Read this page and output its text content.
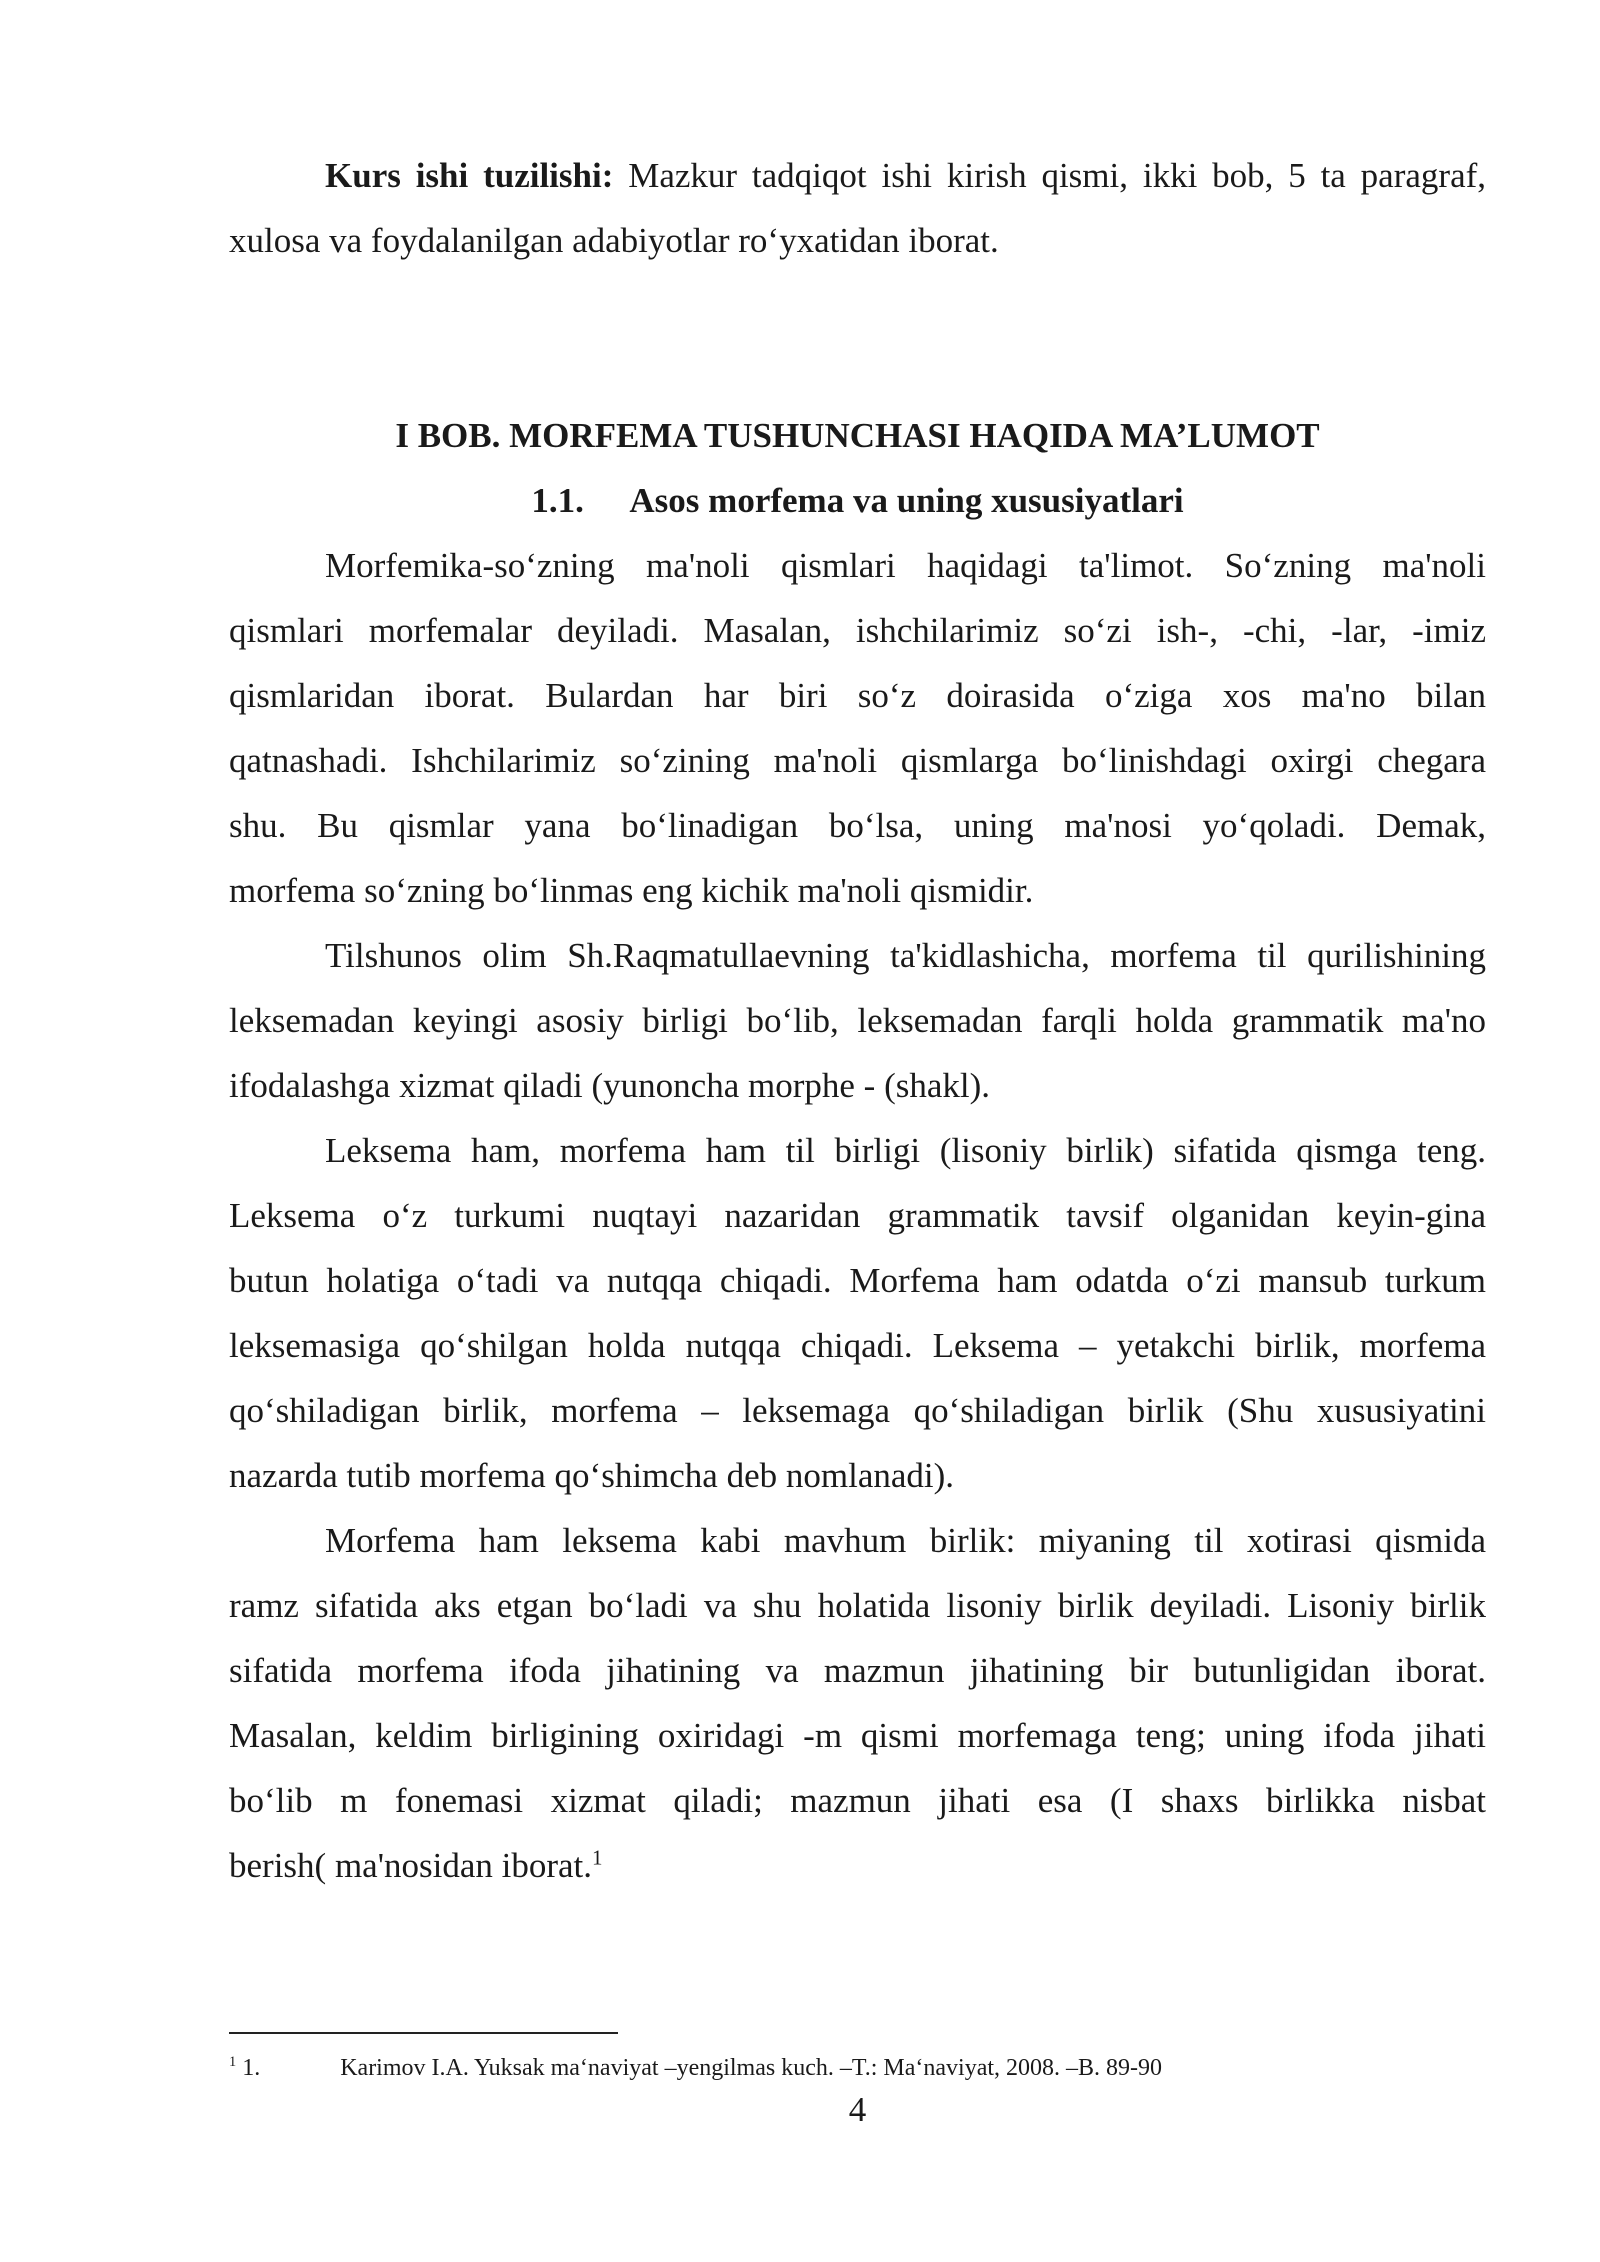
Kurs ishi tuzilishi: Mazkur tadqiqot ishi kirish qismi, ikki bob, 5 ta paragraf,
xulosa va foydalanilgan adabiyotlar roʻyxatidan iborat.
I BOB. MORFEMA TUSHUNCHASI HAQIDA MA’LUMOT
1.1. Asos morfema va uning xususiyatlari
Morfemika-soʻzning ma'noli qismlari haqidagi ta'limot. Soʻzning ma'noli
qismlari morfemalar deyiladi. Masalan, ishchilarimiz soʻzi ish-, -chi, -lar, -imiz
qismlaridan iborat. Bulardan har biri soʻz doirasida oʻziga xos ma'no bilan
qatnashadi. Ishchilarimiz soʻzining ma'noli qismlarga boʻlinishdagi oxirgi chegara
shu. Bu qismlar yana boʻlinadigan boʻlsa, uning ma'nosi yoʻqoladi. Demak,
morfema soʻzning boʻlinmas eng kichik ma'noli qismidir.
Tilshunos olim Sh.Raqmatullaevning ta'kidlashicha, morfema til qurilishining
leksemadan keyingi asosiy birligi boʻlib, leksemadan farqli holda grammatik ma'no
ifodalashga xizmat qiladi (yunoncha morphe - (shakl).
Leksema ham, morfema ham til birligi (lisoniy birlik) sifatida qismga teng.
Leksema oʻz turkumi nuqtayi nazaridan grammatik tavsif olganidan keyin-gina
butun holatiga oʻtadi va nutqqa chiqadi. Morfema ham odatda oʻzi mansub turkum
leksemasiga qoʻshilgan holda nutqqa chiqadi. Leksema – yetakchi birlik, morfema
qoʻshiladigan birlik, morfema – leksemaga qoʻshiladigan birlik (Shu xususiyatini
nazarda tutib morfema qoʻshimcha deb nomlanadi).
Morfema ham leksema kabi mavhum birlik: miyaning til xotirasi qismida
ramz sifatida aks etgan boʻladi va shu holatida lisoniy birlik deyiladi. Lisoniy birlik
sifatida morfema ifoda jihatining va mazmun jihatining bir butunligidan iborat.
Masalan, keldim birligining oxiridagi -m qismi morfemaga teng; uning ifoda jihati
boʻlib m fonemasi xizmat qiladi; mazmun jihati esa (I shaxs birlikka nisbat
berish( ma'nosidan iborat.$^1$
$^1$ 1.	Karimov I.A. Yuksak maʻnaviyat –yengilmas kuch. –T.: Maʻnaviyat, 2008. –B. 89-90
4
